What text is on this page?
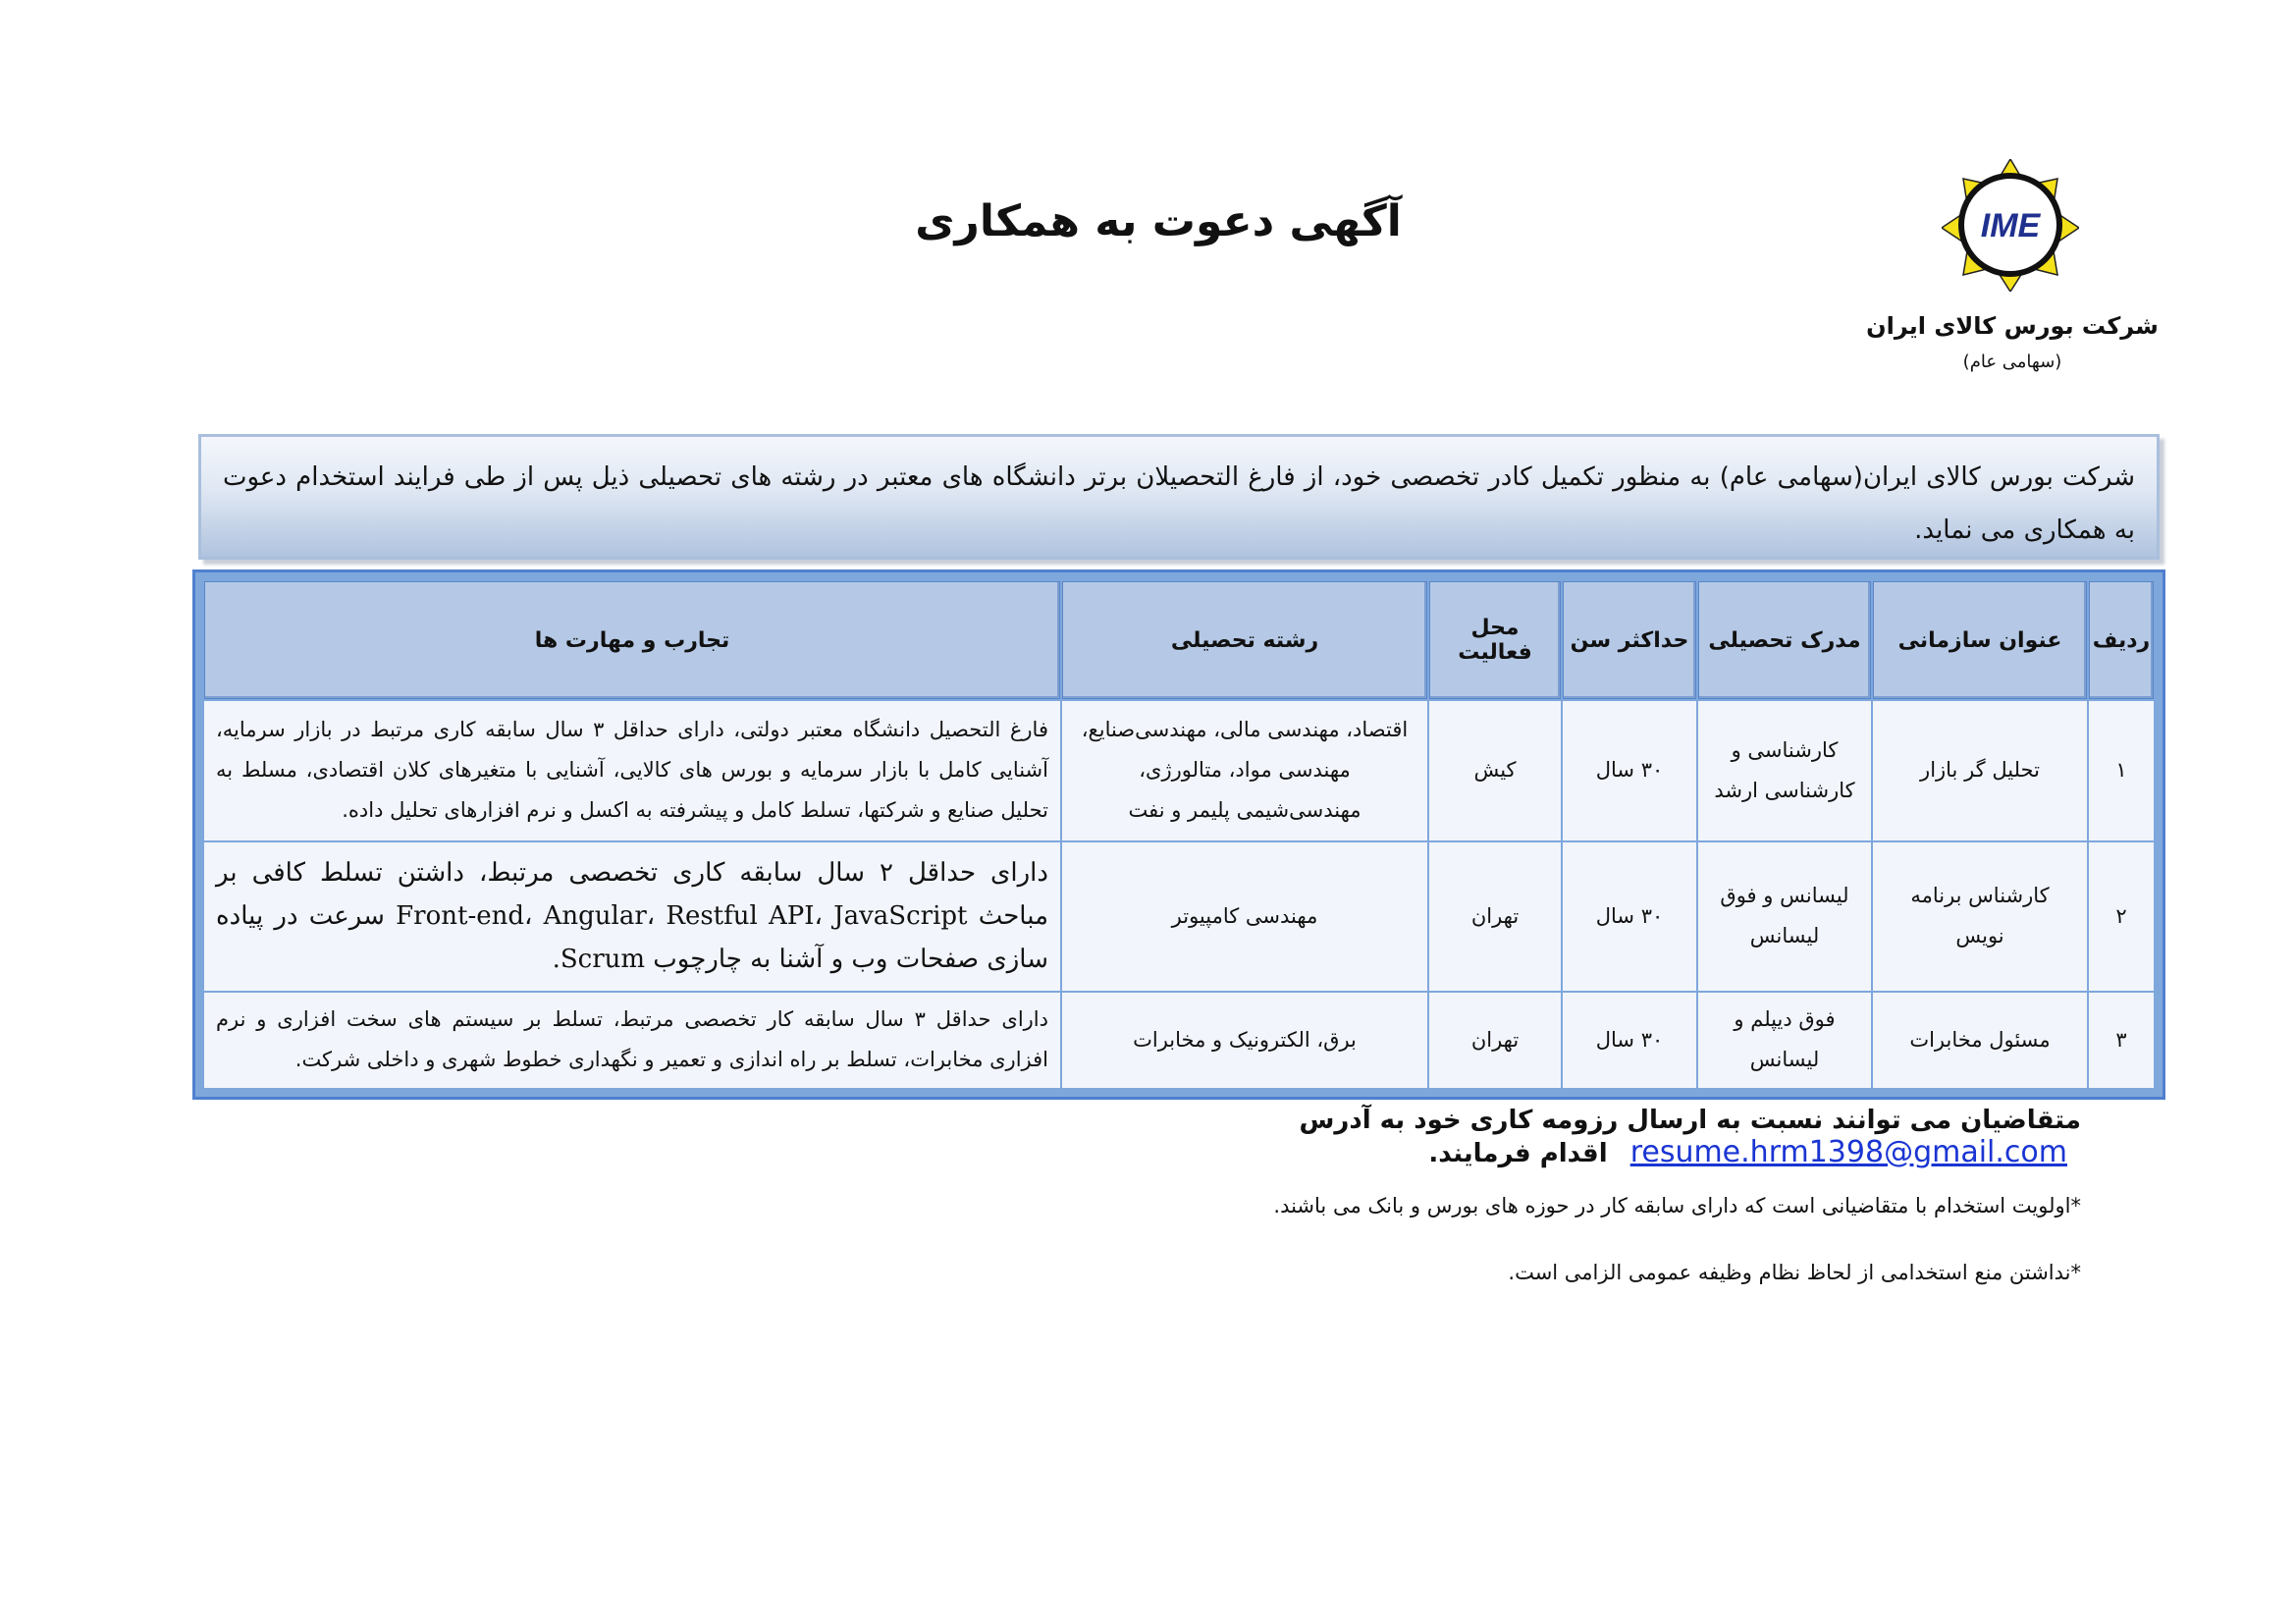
آگهی دعوت به همکاری	IME
شرکت بورس کالای ایران
(سهامی عام)
شرکت بورس کالای ایران(سهامی عام) به منظور تکمیل کادر تخصصی خود، از فارغ التحصیلان برتر دانشگاه های معتبر در رشته های تحصیلی ذیل پس از طی فرایند استخدام دعوت به همکاری می نماید.
ردیف	عنوان سازمانی	مدرک تحصیلی	حداکثر سن	محل فعالیت	رشته تحصیلی	تجارب و مهارت ها
۱	تحلیل گر بازار	کارشناسی و کارشناسی ارشد	۳۰ سال	کیش	اقتصاد، مهندسی مالی، مهندسی‌صنایع، مهندسی مواد، متالورژی، مهندسی‌شیمی پلیمر و نفت	فارغ التحصیل دانشگاه معتبر دولتی، دارای حداقل ۳ سال سابقه کاری مرتبط در بازار سرمایه، آشنایی کامل با بازار سرمایه و بورس های کالایی، آشنایی با متغیرهای کلان اقتصادی، مسلط به تحلیل صنایع و شرکتها، تسلط کامل و پیشرفته به اکسل و نرم افزارهای تحلیل داده.
۲	کارشناس برنامه نویس	لیسانس و فوق لیسانس	۳۰ سال	تهران	مهندسی کامپیوتر	دارای حداقل ۲ سال سابقه کاری تخصصی مرتبط، داشتن تسلط کافی بر مباحث Front-end، Angular، Restful API، JavaScript سرعت در پیاده سازی صفحات وب و آشنا به چارچوب Scrum.
۳	مسئول مخابرات	فوق دیپلم و لیسانس	۳۰ سال	تهران	برق، الکترونیک و مخابرات	دارای حداقل ۳ سال سابقه کار تخصصی مرتبط، تسلط بر سیستم های سخت افزاری و نرم افزاری مخابرات، تسلط بر راه اندازی و تعمیر و نگهداری خطوط شهری و داخلی شرکت.
متقاضیان می توانند نسبت به ارسال رزومه کاری خود به آدرس resume.hrm1398@gmail.com اقدام فرمایند.
*اولویت استخدام با متقاضیانی است که دارای سابقه کار در حوزه های بورس و بانک می باشند.
*نداشتن منع استخدامی از لحاظ نظام وظیفه عمومی الزامی است.
